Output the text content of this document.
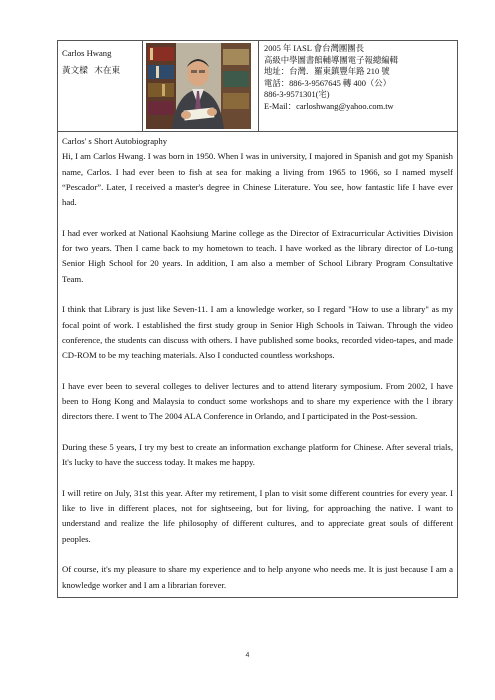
Carlos Hwang
黃文樑 木在東

2005 年 IASL 會台灣團團長
高級中學圖書館輔導團電子報總編輯
地址：台灣．羅東鎮豐年路 210 號
電話：886-3-9567645 轉 400（公）
886-3-9571301(宅)
E-Mail：carloshwang@yahoo.com.tw

Carlos' s Short Autobiography

Hi, I am Carlos Hwang. I was born in 1950. When I was in university, I majored in Spanish and got my Spanish name, Carlos. I had ever been to fish at sea for making a living from 1965 to 1966, so I named myself “Pescador”. Later, I received a master's degree in Chinese Literature. You see, how fantastic life I have ever had.

I had ever worked at National Kaohsiung Marine college as the Director of Extracurricular Activities Division for two years. Then I came back to my hometown to teach. I have worked as the library director of Lo-tung Senior High School for 20 years. In addition, I am also a member of School Library Program Consultative Team.

I think that Library is just like Seven-11. I am a knowledge worker, so I regard "How to use a library" as my focal point of work. I established the first study group in Senior High Schools in Taiwan. Through the video conference, the students can discuss with others. I have published some books, recorded video-tapes, and made CD-ROM to be my teaching materials. Also I conducted countless workshops.

I have ever been to several colleges to deliver lectures and to attend literary symposium. From 2002, I have been to Hong Kong and Malaysia to conduct some workshops and to share my experience with the l ibrary directors there. I went to The 2004 ALA Conference in Orlando, and I participated in the Post-session.

During these 5 years, I try my best to create an information exchange platform for Chinese. After several trials, It's lucky to have the success today. It makes me happy.

I will retire on July, 31st this year. After my retirement, I plan to visit some different countries for every year. I like to live in different places, not for sightseeing, but for living, for approaching the native. I want to understand and realize the life philosophy of different cultures, and to appreciate great souls of different peoples.

Of course, it's my pleasure to share my experience and to help anyone who needs me. It is just because I am a knowledge worker and I am a librarian forever.

4
